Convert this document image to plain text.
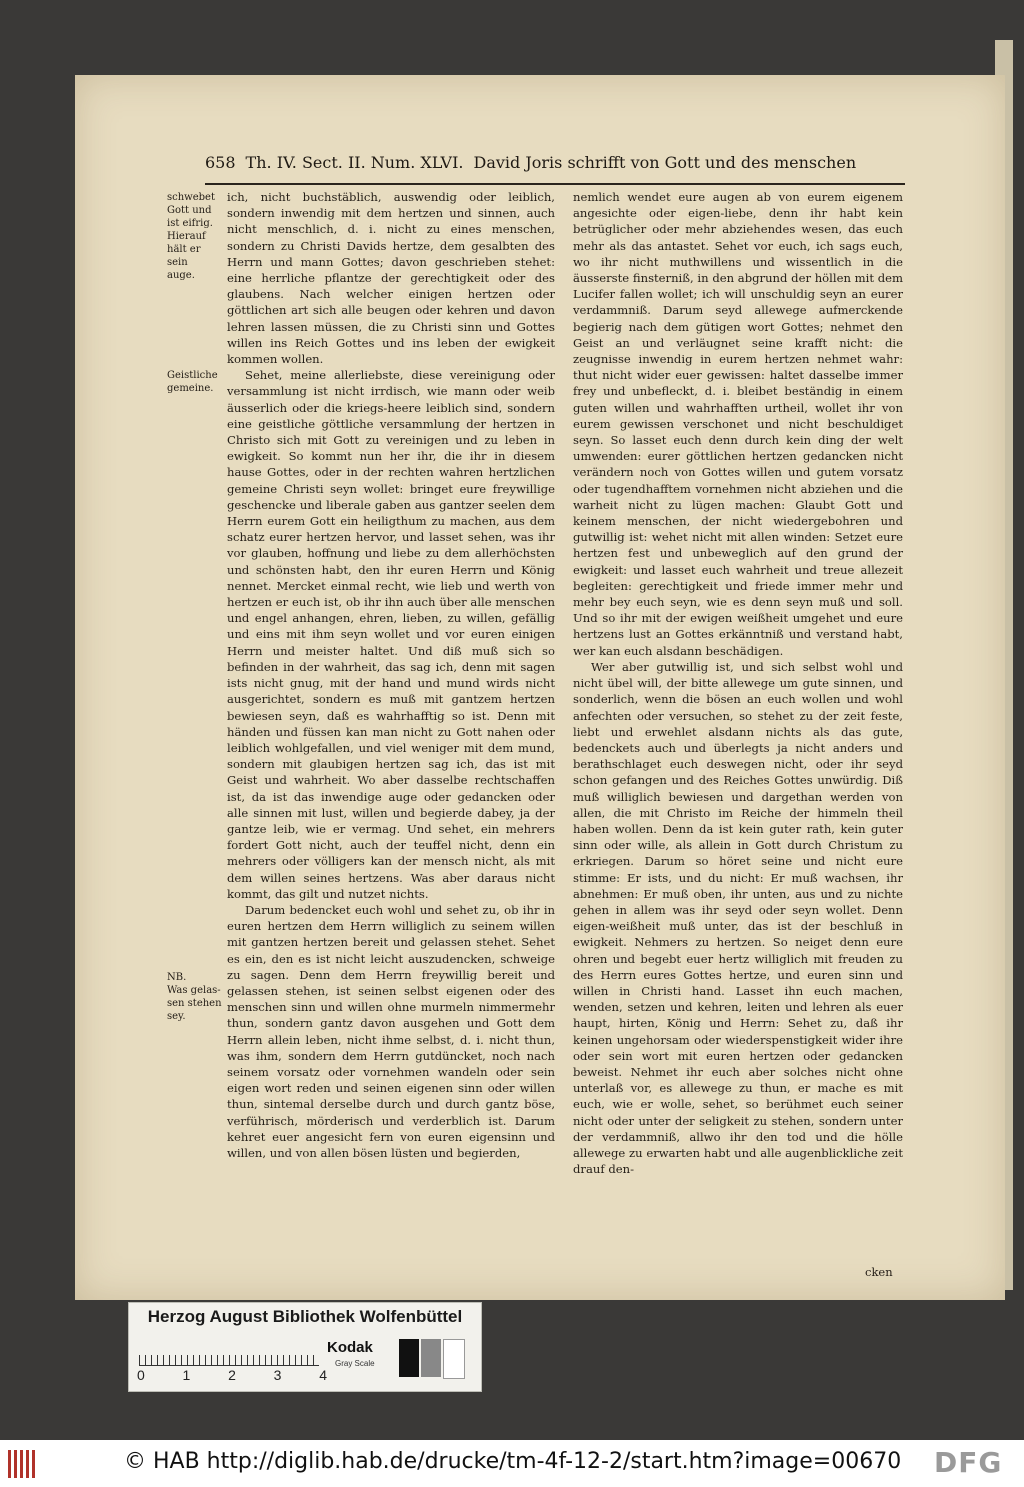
658 Th. IV. Sect. II. Num. XLVI. David Joris schrifft von Gott und des menschen
schwebet
Gott und
ist eifrig.
Hierauf
hält er sein
auge.
Geistliche
gemeine.
NB.
Was gelas-
sen stehen
sey.

ich, nicht buchstäblich, auswendig oder leiblich, sondern inwendig mit dem hertzen und sinnen, auch nicht menschlich, d. i. nicht zu eines menschen, sondern zu Christi Davids hertze, dem gesalbten des Herrn und mann Gottes; davon geschrieben stehet: eine herrliche pflantze der gerechtigkeit oder des glaubens. Nach welcher einigen hertzen oder göttlichen art sich alle beugen oder kehren und davon lehren lassen müssen, die zu Christi sinn und Gottes willen ins Reich Gottes und ins leben der ewigkeit kommen wollen.

Sehet, meine allerliebste, diese vereinigung oder versammlung ist nicht irrdisch, wie mann oder weib äusserlich oder die kriegs-heere leiblich sind, sondern eine geistliche göttliche versammlung der hertzen in Christo sich mit Gott zu vereinigen und zu leben in ewigkeit. So kommt nun her ihr, die ihr in diesem hause Gottes, oder in der rechten wahren hertzlichen gemeine Christi seyn wollet: bringet eure freywillige geschencke und liberale gaben aus gantzer seelen dem Herrn eurem Gott ein heiligthum zu machen, aus dem schatz eurer hertzen hervor, und lasset sehen, was ihr vor glauben, hoffnung und liebe zu dem allerhöchsten und schönsten habt, den ihr euren Herrn und König nennet. Mercket einmal recht, wie lieb und werth von hertzen er euch ist, ob ihr ihn auch über alle menschen und engel anhangen, ehren, lieben, zu willen, gefällig und eins mit ihm seyn wollet und vor euren einigen Herrn und meister haltet. Und diß muß sich so befinden in der wahrheit, das sag ich, denn mit sagen ists nicht gnug, mit der hand und mund wirds nicht ausgerichtet, sondern es muß mit gantzem hertzen bewiesen seyn, daß es wahrhafftig so ist. Denn mit händen und füssen kan man nicht zu Gott nahen oder leiblich wohlgefallen, und viel weniger mit dem mund, sondern mit glaubigen hertzen sag ich, das ist mit Geist und wahrheit. Wo aber dasselbe rechtschaffen ist, da ist das inwendige auge oder gedancken oder alle sinnen mit lust, willen und begierde dabey, ja der gantze leib, wie er vermag. Und sehet, ein mehrers fordert Gott nicht, auch der teuffel nicht, denn ein mehrers oder völligers kan der mensch nicht, als mit dem willen seines hertzens. Was aber daraus nicht kommt, das gilt und nutzet nichts.

Darum bedencket euch wohl und sehet zu, ob ihr in euren hertzen dem Herrn williglich zu seinem willen mit gantzen hertzen bereit und gelassen stehet. Sehet es ein, den es ist nicht leicht auszudencken, schweige zu sagen. Denn dem Herrn freywillig bereit und gelassen stehen, ist seinen selbst eigenen oder des menschen sinn und willen ohne murmeln nimmermehr thun, sondern gantz davon ausgehen und Gott dem Herrn allein leben, nicht ihme selbst, d. i. nicht thun, was ihm, sondern dem Herrn gutdüncket, noch nach seinem vorsatz oder vornehmen wandeln oder sein eigen wort reden und seinen eigenen sinn oder willen thun, sintemal derselbe durch und durch gantz böse, verführisch, mörderisch und verderblich ist. Darum kehret euer angesicht fern von euren eigensinn und willen, und von allen bösen lüsten und begierden,

nemlich wendet eure augen ab von eurem eigenem angesichte oder eigen-liebe, denn ihr habt kein betrüglicher oder mehr abziehendes wesen, das euch mehr als das antastet. Sehet vor euch, ich sags euch, wo ihr nicht muthwillens und wissentlich in die äusserste finsterniß, in den abgrund der höllen mit dem Lucifer fallen wollet; ich will unschuldig seyn an eurer verdammniß. Darum seyd allewege aufmerckende begierig nach dem gütigen wort Gottes; nehmet den Geist an und verläugnet seine krafft nicht: die zeugnisse inwendig in eurem hertzen nehmet wahr: thut nicht wider euer gewissen: haltet dasselbe immer frey und unbefleckt, d. i. bleibet beständig in einem guten willen und wahrhafften urtheil, wollet ihr von eurem gewissen verschonet und nicht beschuldiget seyn. So lasset euch denn durch kein ding der welt umwenden: eurer göttlichen hertzen gedancken nicht verändern noch von Gottes willen und gutem vorsatz oder tugendhafftem vornehmen nicht abziehen und die warheit nicht zu lügen machen: Glaubt Gott und keinem menschen, der nicht wiedergebohren und gutwillig ist: wehet nicht mit allen winden: Setzet eure hertzen fest und unbeweglich auf den grund der ewigkeit: und lasset euch wahrheit und treue allezeit begleiten: gerechtigkeit und friede immer mehr und mehr bey euch seyn, wie es denn seyn muß und soll. Und so ihr mit der ewigen weißheit umgehet und eure hertzens lust an Gottes erkänntniß und verstand habt, wer kan euch alsdann beschädigen.

Wer aber gutwillig ist, und sich selbst wohl und nicht übel will, der bitte allewege um gute sinnen, und sonderlich, wenn die bösen an euch wollen und wohl anfechten oder versuchen, so stehet zu der zeit feste, liebt und erwehlet alsdann nichts als das gute, bedenckets auch und überlegts ja nicht anders und berathschlaget euch deswegen nicht, oder ihr seyd schon gefangen und des Reiches Gottes unwürdig. Diß muß williglich bewiesen und dargethan werden von allen, die mit Christo im Reiche der himmeln theil haben wollen. Denn da ist kein guter rath, kein guter sinn oder wille, als allein in Gott durch Christum zu erkriegen. Darum so höret seine und nicht eure stimme: Er ists, und du nicht: Er muß wachsen, ihr abnehmen: Er muß oben, ihr unten, aus und zu nichte gehen in allem was ihr seyd oder seyn wollet. Denn eigen-weißheit muß unter, das ist der beschluß in ewigkeit. Nehmers zu hertzen. So neiget denn eure ohren und begebt euer hertz williglich mit freuden zu des Herrn eures Gottes hertze, und euren sinn und willen in Christi hand. Lasset ihn euch machen, wenden, setzen und kehren, leiten und lehren als euer haupt, hirten, König und Herrn: Sehet zu, daß ihr keinen ungehorsam oder wiederspenstigkeit wider ihre oder sein wort mit euren hertzen oder gedancken beweist. Nehmet ihr euch aber solches nicht ohne unterlaß vor, es allewege zu thun, er mache es mit euch, wie er wolle, sehet, so berühmet euch seiner nicht oder unter der seligkeit zu stehen, sondern unter der verdammniß, allwo ihr den tod und die hölle allewege zu erwarten habt und alle augenblickliche zeit drauf den-

cken
Herzog August Bibliothek Wolfenbüttel
0	1	2	3	4
Kodak
Gray Scale
© HAB http://diglib.hab.de/drucke/tm-4f-12-2/start.htm?image=00670 DFG
